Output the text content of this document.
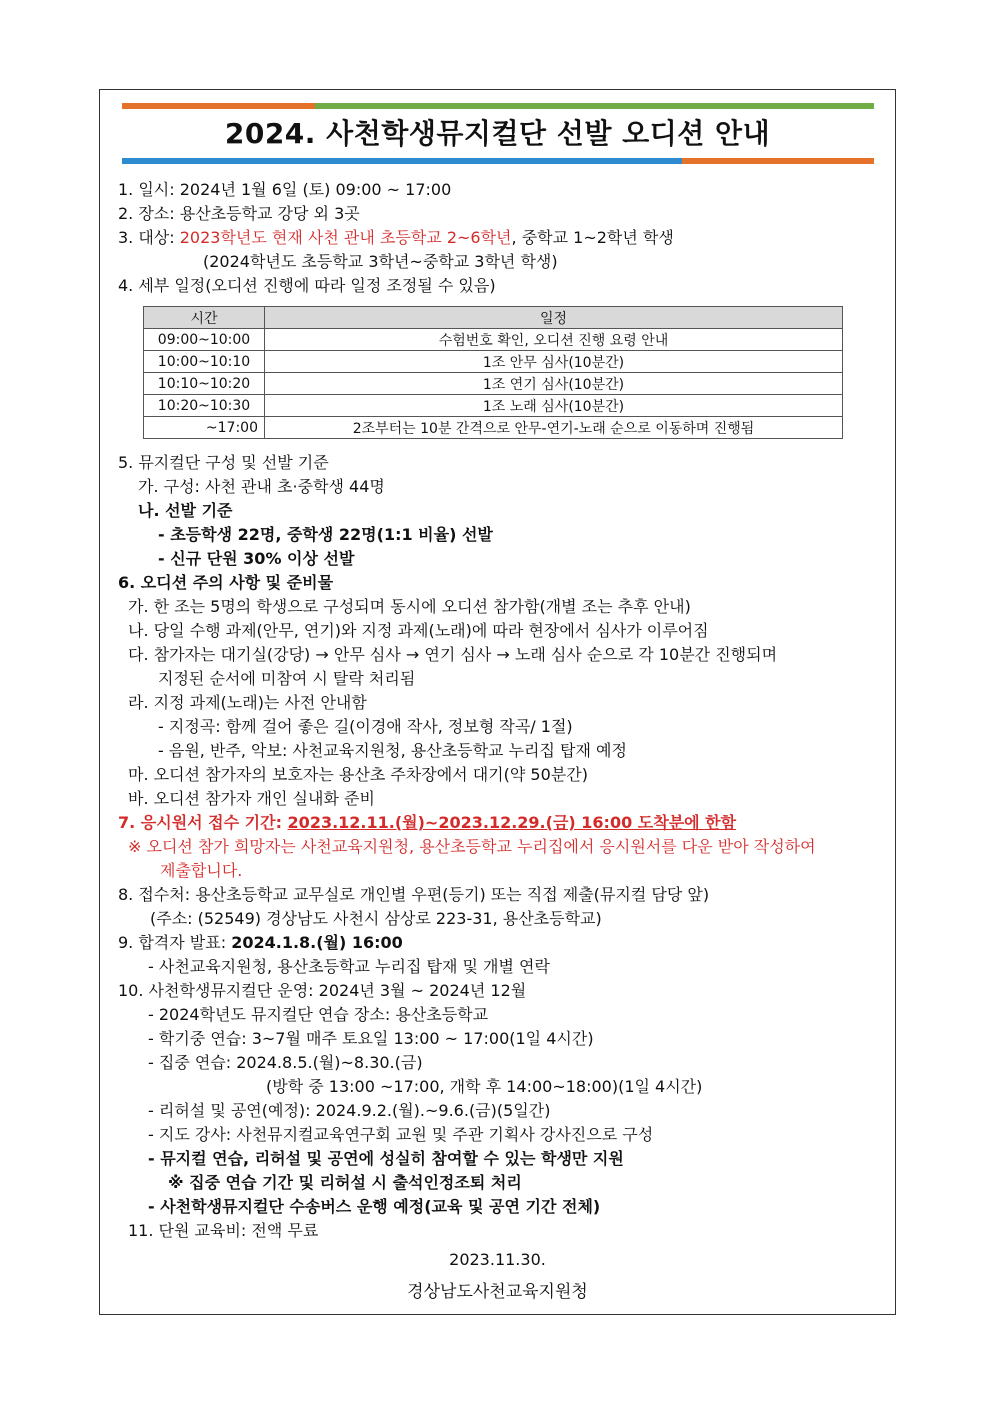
2024. 사천학생뮤지컬단 선발 오디션 안내
1. 일시: 2024년 1월 6일 (토) 09:00 ~ 17:00
2. 장소: 용산초등학교 강당 외 3곳
3. 대상: 2023학년도 현재 사천 관내 초등학교 2~6학년, 중학교 1~2학년 학생
(2024학년도 초등학교 3학년~중학교 3학년 학생)
4. 세부 일정(오디션 진행에 따라 일정 조정될 수 있음)
시간	일정
09:00~10:00	수험번호 확인, 오디션 진행 요령 안내
10:00~10:10	1조 안무 심사(10분간)
10:10~10:20	1조 연기 심사(10분간)
10:20~10:30	1조 노래 심사(10분간)
~17:00	2조부터는 10분 간격으로 안무-연기-노래 순으로 이동하며 진행됨
5. 뮤지컬단 구성 및 선발 기준
가. 구성: 사천 관내 초·중학생 44명
나. 선발 기준
- 초등학생 22명, 중학생 22명(1:1 비율) 선발
- 신규 단원 30% 이상 선발
6. 오디션 주의 사항 및 준비물
가. 한 조는 5명의 학생으로 구성되며 동시에 오디션 참가함(개별 조는 추후 안내)
나. 당일 수행 과제(안무, 연기)와 지정 과제(노래)에 따라 현장에서 심사가 이루어짐
다. 참가자는 대기실(강당) → 안무 심사 → 연기 심사 → 노래 심사 순으로 각 10분간 진행되며
지정된 순서에 미참여 시 탈락 처리됨
라. 지정 과제(노래)는 사전 안내함
- 지정곡: 함께 걸어 좋은 길(이경애 작사, 정보형 작곡/ 1절)
- 음원, 반주, 악보: 사천교육지원청, 용산초등학교 누리집 탑재 예정
마. 오디션 참가자의 보호자는 용산초 주차장에서 대기(약 50분간)
바. 오디션 참가자 개인 실내화 준비
7. 응시원서 접수 기간: 2023.12.11.(월)~2023.12.29.(금) 16:00 도착분에 한함
※ 오디션 참가 희망자는 사천교육지원청, 용산초등학교 누리집에서 응시원서를 다운 받아 작성하여
제출합니다.
8. 접수처: 용산초등학교 교무실로 개인별 우편(등기) 또는 직접 제출(뮤지컬 담당 앞)
(주소: (52549) 경상남도 사천시 삼상로 223-31, 용산초등학교)
9. 합격자 발표: 2024.1.8.(월) 16:00
- 사천교육지원청, 용산초등학교 누리집 탑재 및 개별 연락
10. 사천학생뮤지컬단 운영: 2024년 3월 ~ 2024년 12월
- 2024학년도 뮤지컬단 연습 장소: 용산초등학교
- 학기중 연습: 3~7월 매주 토요일 13:00 ~ 17:00(1일 4시간)
- 집중 연습: 2024.8.5.(월)~8.30.(금)
(방학 중 13:00 ~17:00, 개학 후 14:00~18:00)(1일 4시간)
- 리허설 및 공연(예정): 2024.9.2.(월).~9.6.(금)(5일간)
- 지도 강사: 사천뮤지컬교육연구회 교원 및 주관 기획사 강사진으로 구성
- 뮤지컬 연습, 리허설 및 공연에 성실히 참여할 수 있는 학생만 지원
※ 집중 연습 기간 및 리허설 시 출석인정조퇴 처리
- 사천학생뮤지컬단 수송버스 운행 예정(교육 및 공연 기간 전체)
11. 단원 교육비: 전액 무료
2023.11.30.
경상남도사천교육지원청
